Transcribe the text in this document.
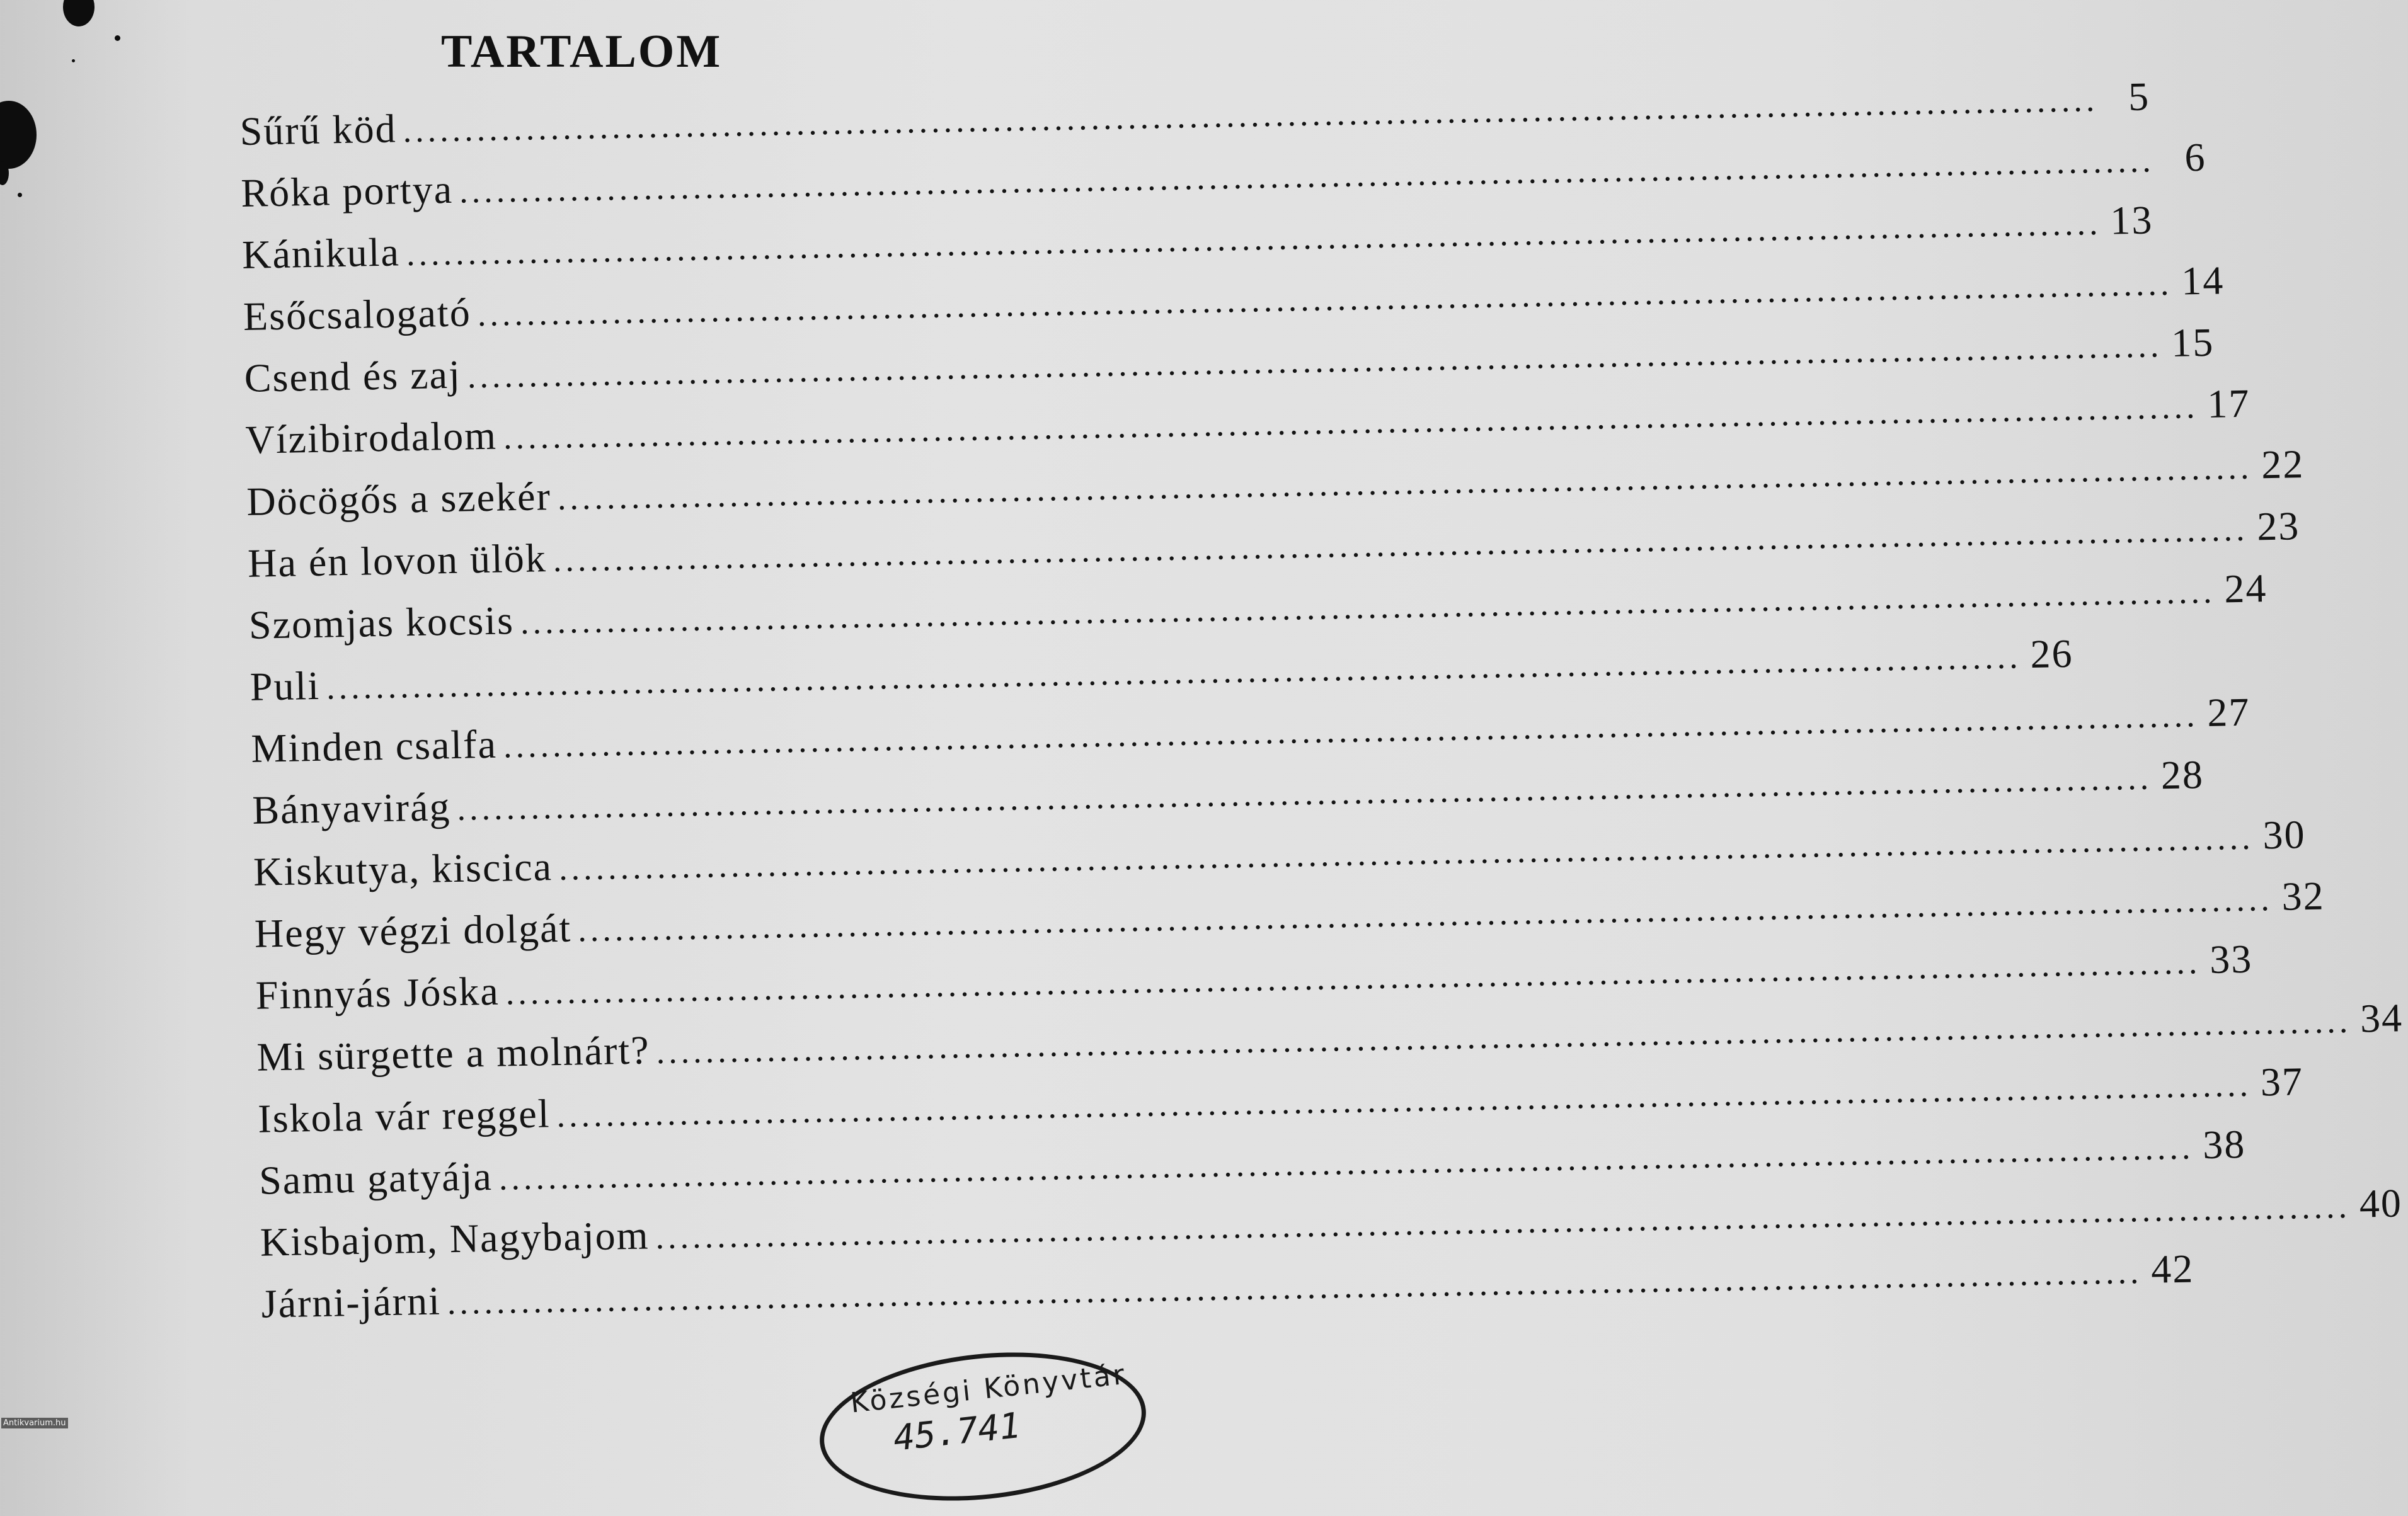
TARTALOM
Sűrű köd
.....
5
Róka portya
.....
6
Kánikula
.....
13
Esőcsalogató
.....
14
Csend és zaj
.....
15
Vízibirodalom
.....
17
Döcögős a szekér
.....
22
Ha én lovon ülök
.....
23
Szomjas kocsis
.....
24
Puli
.....
26
Minden csalfa
.....
27
Bányavirág
.....
28
Kiskutya, kiscica
.....
30
Hegy végzi dolgát
.....
32
Finnyás Jóska
.....
33
Mi sürgette a molnárt?
.....
34
Iskola vár reggel
.....
37
Samu gatyája
.....
38
Kisbajom, Nagybajom
.....
40
Járni-járni
.....
42
Községi Könyvtár
45.741
Antikvarium.hu
